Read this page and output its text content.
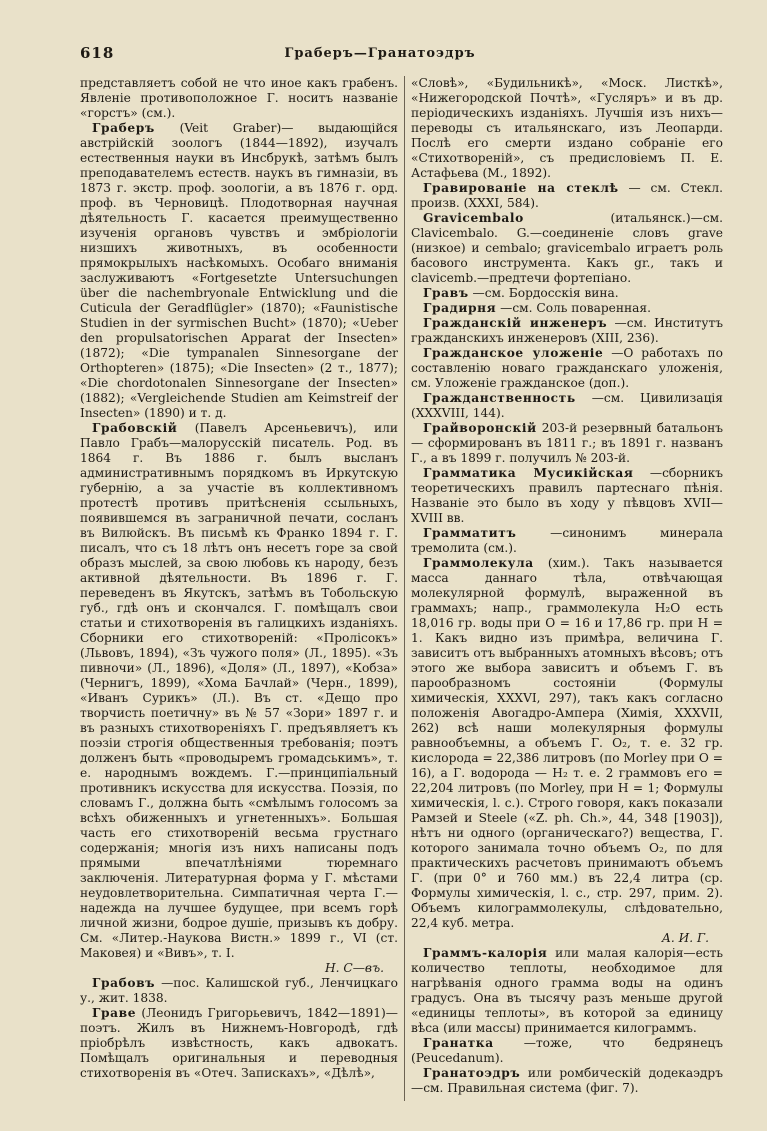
618	Граберъ—Гранатоэдръ

представляетъ собой не что иное какъ грабенъ. Явленіе противоположное Г. носитъ названіе «горстъ» (см.).

Граберъ (Veit Graber)— выдающійся австрійскій зоологъ (1844—1892), изучалъ естественныя науки въ Инсбрукѣ, затѣмъ былъ преподавателемъ естеств. наукъ въ гимназіи, въ 1873 г. экстр. проф. зоологіи, а въ 1876 г. орд. проф. въ Черновицѣ. Плодотворная научная дѣятельность Г. касается преимущественно изученія органовъ чувствъ и эмбріологіи низшихъ животныхъ, въ особенности прямокрылыхъ насѣкомыхъ. Особаго вниманія заслуживаютъ «Fortgesetzte Untersuchungen über die nachembryonale Entwicklung und die Cuticula der Geradflügler» (1870); «Faunistische Studien in der syrmischen Bucht» (1870); «Ueber den propulsatorischen Apparat der Insecten» (1872); «Die tympanalen Sinnesorgane der Orthopteren» (1875); «Die Insecten» (2 т., 1877); «Die chordotonalen Sinnesorgane der Insecten» (1882); «Vergleichende Studien am Keimstreif der Insecten» (1890) и т. д.

Грабовскій (Павелъ Арсеньевичъ), или Павло Грабъ—малорусскій писатель. Род. въ 1864 г. Въ 1886 г. былъ высланъ административнымъ порядкомъ въ Иркутскую губернію, а за участіе въ коллективномъ протестѣ противъ притѣсненія ссыльныхъ, появившемся въ заграничной печати, сосланъ въ Вилюйскъ. Въ письмѣ къ Франко 1894 г. Г. писалъ, что съ 18 лѣтъ онъ несетъ горе за свой образъ мыслей, за свою любовь къ народу, безъ активной дѣятельности. Въ 1896 г. Г. переведенъ въ Якутскъ, затѣмъ въ Тобольскую губ., гдѣ онъ и скончался. Г. помѣщалъ свои статьи и стихотворенія въ галицкихъ изданіяхъ. Сборники его стихотвореній: «Пролісокъ» (Львовъ, 1894), «Зъ чужого поля» (Л., 1895). «Зъ пивночи» (Л., 1896), «Доля» (Л., 1897), «Кобза» (Чернигъ, 1899), «Хома Бачлай» (Черн., 1899), «Иванъ Сурикъ» (Л.). Въ ст. «Дещо про творчисть поетичну» въ № 57 «Зори» 1897 г. и въ разныхъ стихотвореніяхъ Г. предъявляетъ къ поэзіи строгія общественныя требованія; поэтъ долженъ быть «проводыремъ громадськимъ», т. е. народнымъ вождемъ. Г.—принципіальный противникъ искусства для искусства. Поэзія, по словамъ Г., должна быть «смѣлымъ голосомъ за всѣхъ обиженныхъ и угнетенныхъ». Большая часть его стихотвореній весьма грустнаго содержанія; многія изъ нихъ написаны подъ прямыми впечатлѣніями тюремнаго заключенія. Литературная форма у Г. мѣстами неудовлетворительна. Симпатичная черта Г.—надежда на лучшее будущее, при всемъ горѣ личной жизни, бодрое душіе, призывъ къ добру. См. «Литер.-Наукова Вистн.» 1899 г., VI (ст. Маковея) и «Вивъ», т. I.
Н. С—въ.

Грабовъ —пос. Калишской губ., Ленчицкаго у., жит. 1838.

Граве (Леонидъ Григорьевичъ, 1842—1891)—поэтъ. Жилъ въ Нижнемъ-Новгородѣ, гдѣ пріобрѣлъ извѣстность, какъ адвокатъ. Помѣщалъ оригинальныя и переводныя стихотворенія въ «Отеч. Запискахъ», «Дѣлѣ»,

«Словѣ», «Будильникѣ», «Моск. Листкѣ», «Нижегородской Почтѣ», «Гусляръ» и въ др. періодическихъ изданіяхъ. Лучшія изъ нихъ—переводы съ итальянскаго, изъ Леопарди. Послѣ его смерти издано собраніе его «Стихотвореній», съ предисловіемъ П. Е. Астафьева (М., 1892).

Гравированіе на стеклѣ — см. Стекл. произв. (XXXI, 584).

Gravicembalo	(итальянск.)—см. Clavicembalo. G.—соединеніе словъ grave (низкое) и cembalo; gravicembalo играетъ роль басового инструмента. Какъ gr., такъ и clavicemb.—предтечи фортепіано.

Гравъ —см. Бордосскія вина.

Градирня —см. Соль поваренная.

Гражданскій инженеръ —см. Институтъ гражданскихъ инженеровъ (XIII, 236).

Гражданское уложеніе —О работахъ по составленію новаго гражданскаго уложенія, см. Уложеніе гражданское (доп.).

Гражданственность —см. Цивилизація (XXXVIII, 144).

Грайворонскій 203-й резервный батальонъ — сформированъ въ 1811 г.; въ 1891 г. названъ Г., а въ 1899 г. получилъ № 203-й.

Грамматика Мусикійская —сборникъ теоретическихъ правилъ партеснаго пѣнія. Названіе это было въ ходу у пѣвцовъ XVII—XVIII вв.

Грамматитъ	—синонимъ минерала тремолита (см.).

Граммолекула (хим.). Такъ называется масса даннаго тѣла, отвѣчающая молекулярной формулѣ, выраженной въ граммахъ; напр., граммолекула H₂O есть 18,016 гр. воды при O = 16 и 17,86 гр. при H = 1. Какъ видно изъ примѣра, величина Г. зависитъ отъ выбранныхъ атомныхъ вѣсовъ; отъ этого же выбора зависитъ и объемъ Г. въ парообразномъ состояніи (Формулы химическія, XXXVI, 297), такъ какъ согласно положенія Авогадро-Ампера (Химія, XXXVII, 262) всѣ наши молекулярныя формулы равнообъемны, а объемъ Г. O₂, т. е. 32 гр. кислорода = 22,386 литровъ (по Morley при O = 16), а Г. водорода — H₂ т. е. 2 граммовъ его = 22,204 литровъ (по Morley, при H = 1; Формулы химическія, l. c.). Строго говоря, какъ показали Рамзей и Steele («Z. ph. Ch.», 44, 348 [1903]), нѣтъ ни одного (органическаго?) вещества, Г. которого занимала точно объемъ O₂, по для практическихъ расчетовъ принимаютъ объемъ Г. (при 0° и 760 мм.) въ 22,4 литра (ср. Формулы химическія, l. c., стр. 297, прим. 2). Объемъ килограммолекулы, слѣдовательно, 22,4 куб. метра.
А. И. Г.

Граммъ-калорія или малая калорія—есть количество теплоты, необходимое для нагрѣванія одного грамма воды на одинъ градусъ. Она въ тысячу разъ меньше другой «единицы теплоты», въ которой за единицу вѣса (или массы) принимается килограммъ.

Гранатка —тоже, что бедрянецъ (Peucedanum).

Гранатоэдръ или ромбическій додекаэдръ—см. Правильная система (фиг. 7).
